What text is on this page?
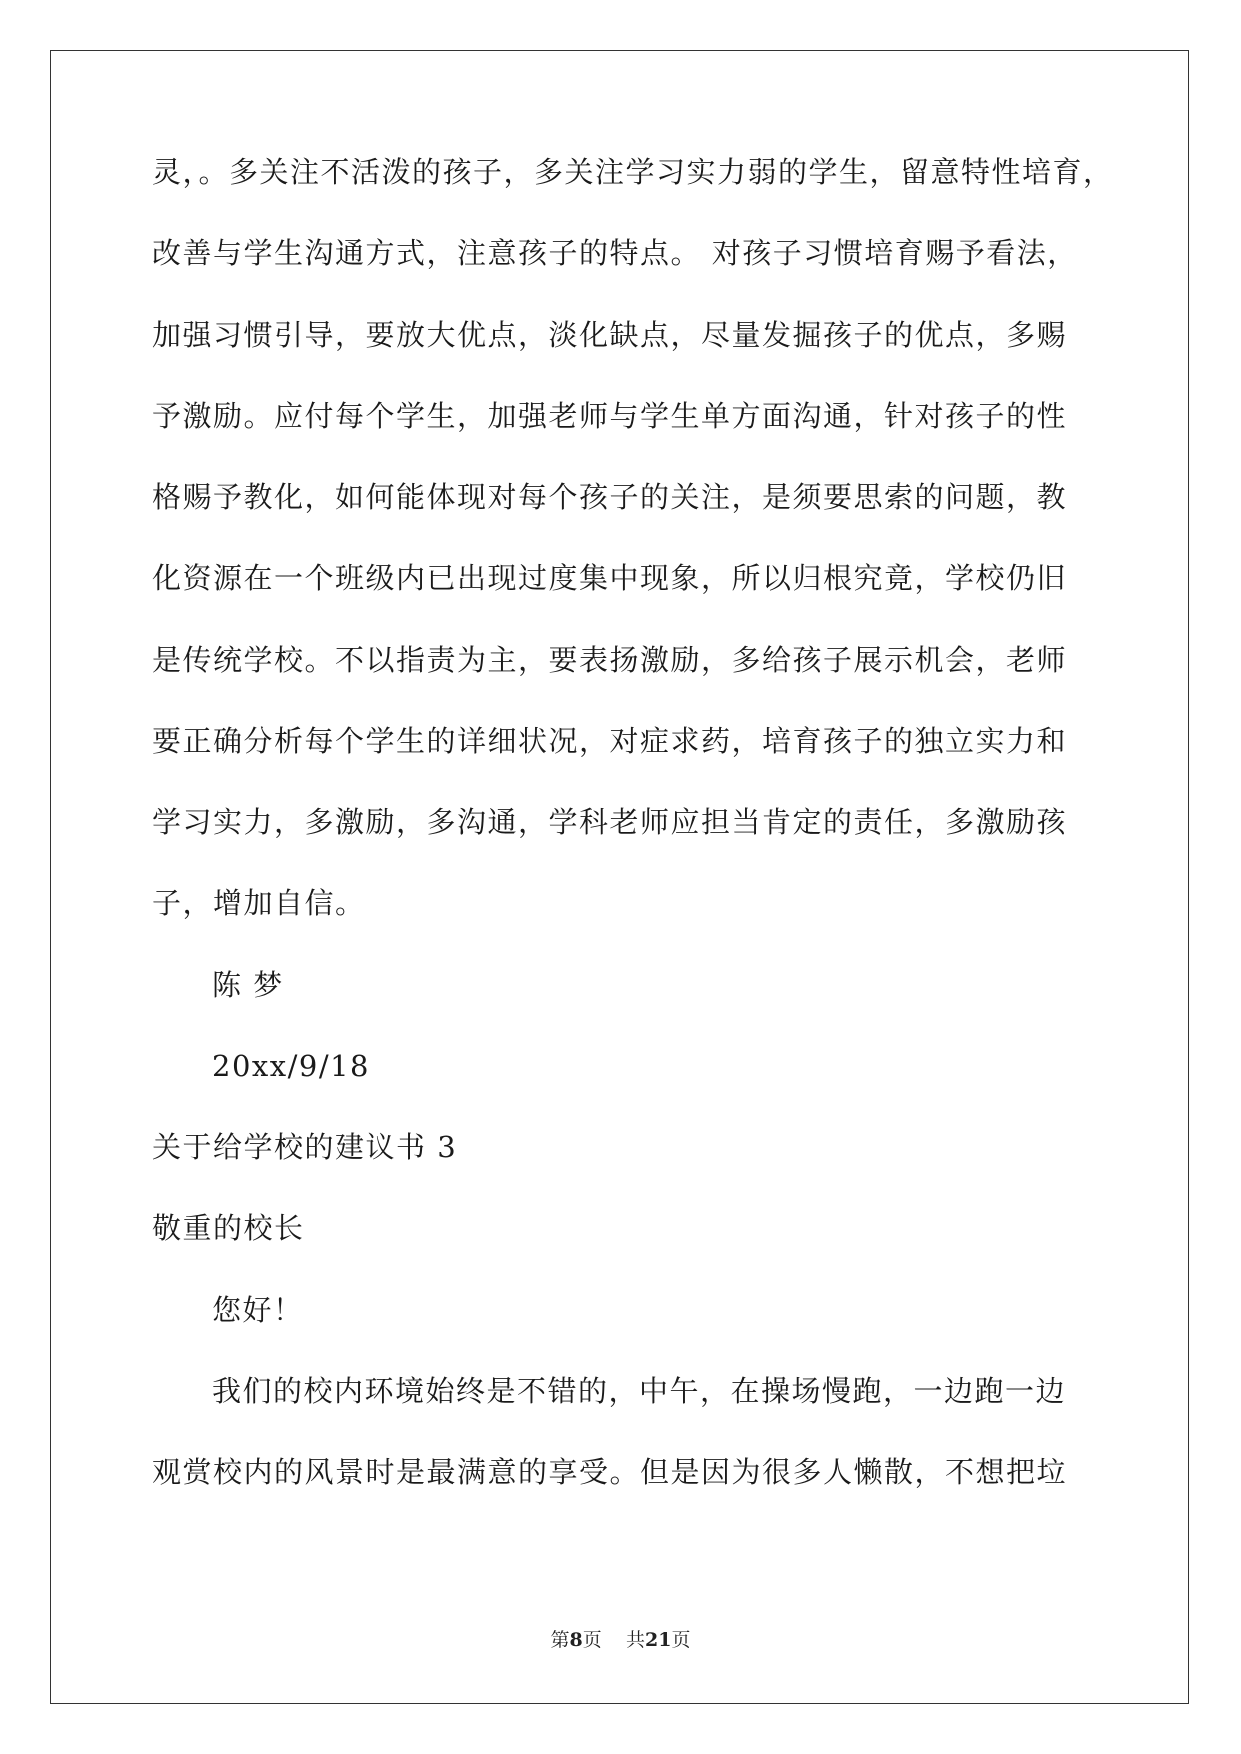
灵，。多关注不活泼的孩子，多关注学习实力弱的学生，留意特性培育，
改善与学生沟通方式，注意孩子的特点。 对孩子习惯培育赐予看法，
加强习惯引导，要放大优点，淡化缺点，尽量发掘孩子的优点，多赐
予激励。应付每个学生，加强老师与学生单方面沟通，针对孩子的性
格赐予教化，如何能体现对每个孩子的关注，是须要思索的问题，教
化资源在一个班级内已出现过度集中现象，所以归根究竟，学校仍旧
是传统学校。不以指责为主，要表扬激励，多给孩子展示机会，老师
要正确分析每个学生的详细状况，对症求药，培育孩子的独立实力和
学习实力，多激励，多沟通，学科老师应担当肯定的责任，多激励孩
子，增加自信。
陈 梦
20xx/9/18
关于给学校的建议书 3
敬重的校长
您好！
我们的校内环境始终是不错的，中午，在操场慢跑，一边跑一边
观赏校内的风景时是最满意的享受。但是因为很多人懒散，不想把垃
第8页 共21页
